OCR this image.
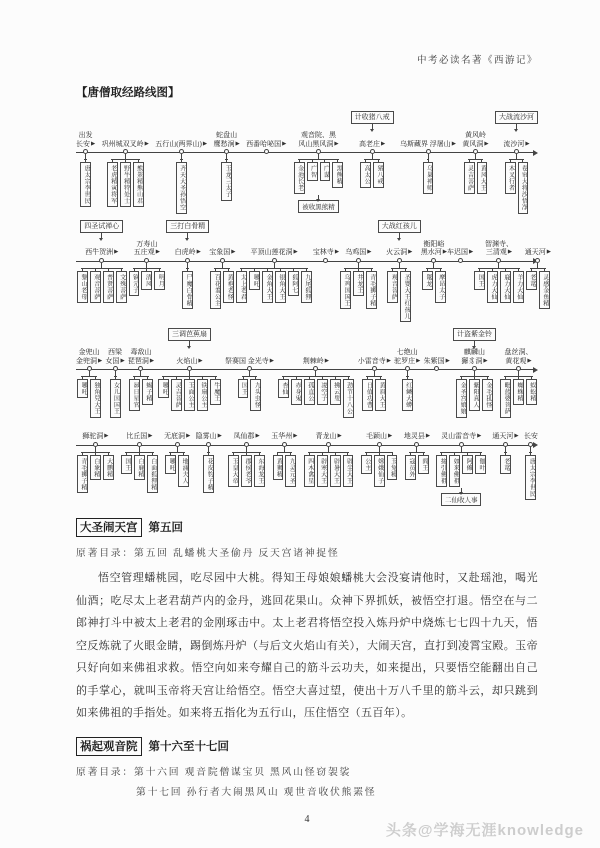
中考必读名著《西游记》
【唐僧取经路线图】
出发
长安 ▶
唐太宗李世民
巩州城双叉岭 ▶
老虎精寅将军	野牛精特处士	熊罴精熊山君
五行山(两界山) ▶
齐天大圣孙悟空
蛇盘山
鹰愁涧 ▶
玉龙三太子
西番哈咇国 ▶
观音院、黑
风山黑风洞 ▶
金池长老	广智	广谋	黑熊精
被收黑熊精
计收猪八戒
高老庄 ▶
高太公	猪八戒
乌斯藏界 浮屠山 ▶
乌巢禅师
黄风岭
黄风洞 ▶
灵吉菩萨	黄风大王
大战流沙河
流沙河 ▶
木叉行者	卷帘大将沙悟净
四圣试禅心
西牛贺洲 ▶
黎山老母	观音菩萨	普贤菩萨	文殊菩萨
万寿山
五庄观 ▶
镇元子	清风	明月
三打白骨精
白虎岭 ▶
尸魔白骨精
宝象国 ▶
百花羞公主	黄袍老怪
平顶山莲花洞 ▶
太上老君	哪吒	金角大王	银角大王	狐阿七	九尾狐狸
宝林寺 ▶ 乌鸡国 ▶
乌鸡国国王	井龙王	青毛狮子精
大战红孩儿
火云洞 ▶
观音菩萨	圣婴大王红孩儿
衡阳峪
黑水河 ▶
鼍龙	摩昂太子
车迟国 ▶
智渊寺、
三清观 ▶
国王	虎力大仙	鹿力大仙	羊力大仙
通天河 ▶
老鼋	灵感金鱼精
金兜山
金兜洞 ▶
哪吒	独角兕大王
西梁
女国 ▶
女儿国国王
毒敌山
琵琶洞 ▶
昴日星官	蝎子精
三调芭蕉扇
火焰山 ▶
哪吒	灵吉菩萨	玉面公主	铁扇公主	牛魔王
祭赛国 金光寺 ▶
国王	九头虫怪
荆棘岭 ▶
杏仙	赤身鬼	孤直公	凌空子	拂云叟	劲节十八公
小雷音寺 ▶
日值功曹	黄眉大王
七绝山
驼罗庄 ▶
红鳞大蟒
朱紫国 ▶
计盗紫金铃
麒麟山
獬豸洞 ▶
金圣宫娘娘	紫阳真人	金毛犼怪
盘丝洞、
黄花观 ▶
毗蓝婆菩萨	蜘蛛精	蜈蚣精
狮驼洞 ▶
青毛狮子精	白象精	大鹏精
比丘国 ▶
国王	白鹿精	白面狐狸精
无底洞 ▶
哪吒	地涌夫人
隐雾山 ▶
花皮豹子精
凤仙郡 ▶
玉皇大帝	郡侯老爷	东海龙王
玉华州 ▶
黄狮精	九灵元圣
青龙山 ▶
四木禽星	辟寒大王	辟暑大王	辟尘大王
毛颖山 ▶
公主	嫦娥仙子	玉兔精
地灵县 ▶
寇员外	阎王
灵山雷音寺 ▶
接引佛祖	如来佛祖	阿傩	伽叶
二仙收人事
通天河 ▶
老鼋
长安
唐太宗李世民
大圣闹天宫 第五回
原著目录：第五回 乱蟠桃大圣偷丹 反天宫诸神捉怪
悟空管理蟠桃园，吃尽园中大桃。得知王母娘娘蟠桃大会没宴请他时，又赴瑶池，喝光仙酒；吃尽太上老君葫芦内的金丹，逃回花果山。众神下界抓妖，被悟空打退。悟空在与二郎神打斗中被太上老君的金刚琢击中。太上老君将悟空投入炼丹炉中烧炼七七四十九天，悟空反炼就了火眼金睛，踢倒炼丹炉（与后文火焰山有关），大闹天宫，直打到凌霄宝殿。玉帝只好向如来佛祖求救。悟空向如来夸耀自己的筋斗云功夫，如来提出，只要悟空能翻出自己的手掌心，就叫玉帝将天宫让给悟空。悟空大喜过望，使出十万八千里的筋斗云，却只跳到如来佛祖的手指处。如来将五指化为五行山，压住悟空（五百年）。
祸起观音院 第十六至十七回
原著目录：第十六回 观音院僧谋宝贝 黑风山怪窃袈裟
第十七回 孙行者大闹黑风山 观世音收伏熊罴怪
4
头条@学海无涯knowledge
